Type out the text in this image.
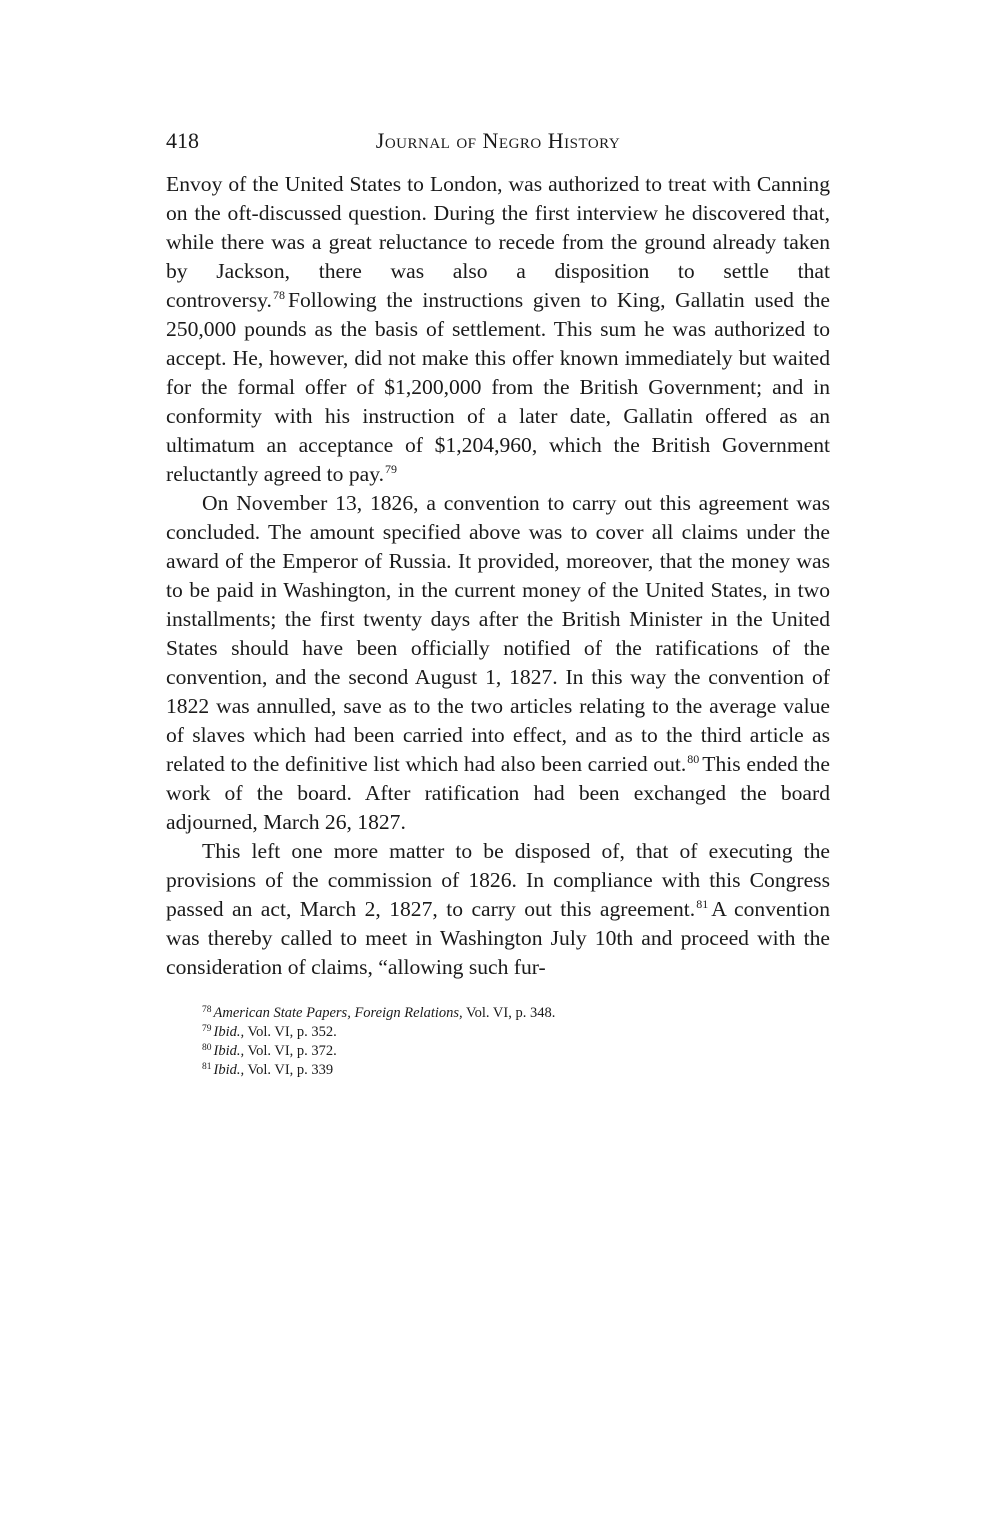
418	Journal of Negro History

Envoy of the United States to London, was authorized to treat with Canning on the oft-discussed question. During the first interview he discovered that, while there was a great reluctance to recede from the ground already taken by Jackson, there was also a disposition to settle that controversy.$^{78}$ Following the instructions given to King, Gallatin used the 250,000 pounds as the basis of settlement. This sum he was authorized to accept. He, however, did not make this offer known immediately but waited for the formal offer of $1,200,000 from the British Government; and in conformity with his instruction of a later date, Gallatin offered as an ultimatum an acceptance of $1,204,960, which the British Government reluctantly agreed to pay.$^{79}$

On November 13, 1826, a convention to carry out this agreement was concluded. The amount specified above was to cover all claims under the award of the Emperor of Russia. It provided, moreover, that the money was to be paid in Washington, in the current money of the United States, in two installments; the first twenty days after the British Minister in the United States should have been officially notified of the ratifications of the convention, and the second August 1, 1827. In this way the convention of 1822 was annulled, save as to the two articles relating to the average value of slaves which had been carried into effect, and as to the third article as related to the definitive list which had also been carried out.$^{80}$ This ended the work of the board. After ratification had been exchanged the board adjourned, March 26, 1827.

This left one more matter to be disposed of, that of executing the provisions of the commission of 1826. In compliance with this Congress passed an act, March 2, 1827, to carry out this agreement.$^{81}$ A convention was thereby called to meet in Washington July 10th and proceed with the consideration of claims, “allowing such fur-

$^{78}$ American State Papers, Foreign Relations, Vol. VI, p. 348.
$^{79}$ Ibid., Vol. VI, p. 352.
$^{80}$ Ibid., Vol. VI, p. 372.
$^{81}$ Ibid., Vol. VI, p. 339
